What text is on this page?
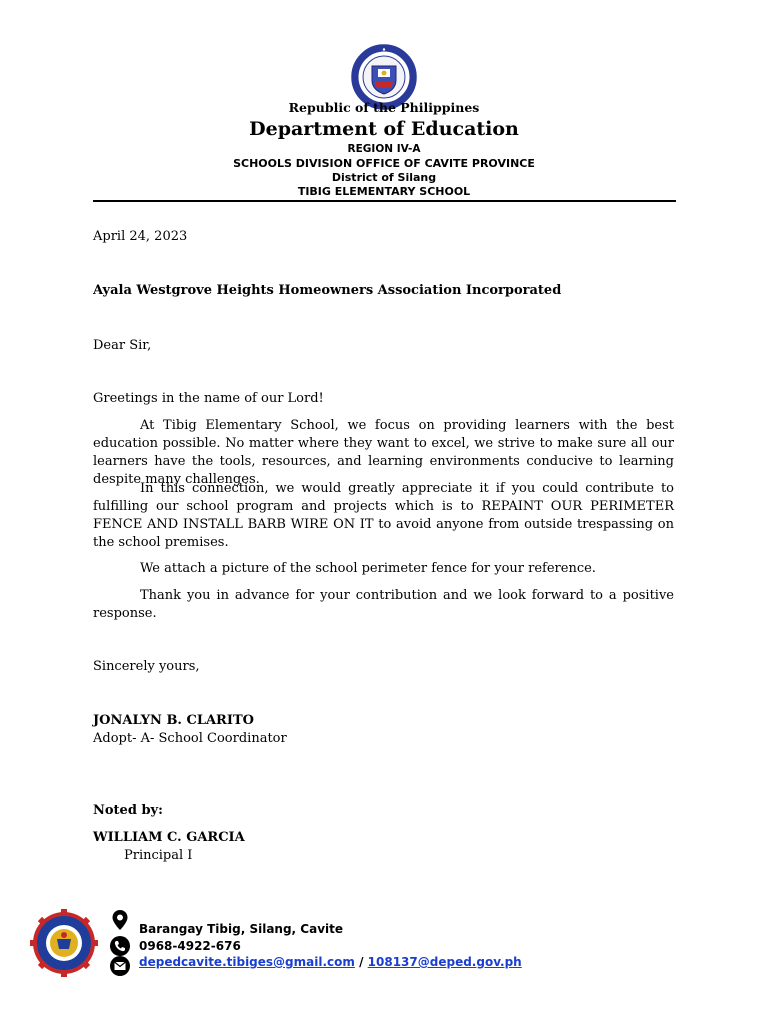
Republic of the Philippines
Department of Education
REGION IV-A
SCHOOLS DIVISION OFFICE OF CAVITE PROVINCE
District of Silang
TIBIG ELEMENTARY SCHOOL
April 24, 2023
Ayala Westgrove Heights Homeowners Association Incorporated
Dear Sir,
Greetings in the name of our Lord!

At Tibig Elementary School, we focus on providing learners with the best education possible. No matter where they want to excel, we strive to make sure all our learners have the tools, resources, and learning environments conducive to learning despite many challenges.

In this connection, we would greatly appreciate it if you could contribute to fulfilling our school program and projects which is to REPAINT OUR PERIMETER FENCE AND INSTALL BARB WIRE ON IT to avoid anyone from outside trespassing on the school premises.

We attach a picture of the school perimeter fence for your reference.

Thank you in advance for your contribution and we look forward to a positive response.

Sincerely yours,
JONALYN B. CLARITO
Adopt- A- School Coordinator
Noted by:
WILLIAM C. GARCIA
Principal I
Barangay Tibig, Silang, Cavite
0968-4922-676
depedcavite.tibiges@gmail.com / 108137@deped.gov.ph
